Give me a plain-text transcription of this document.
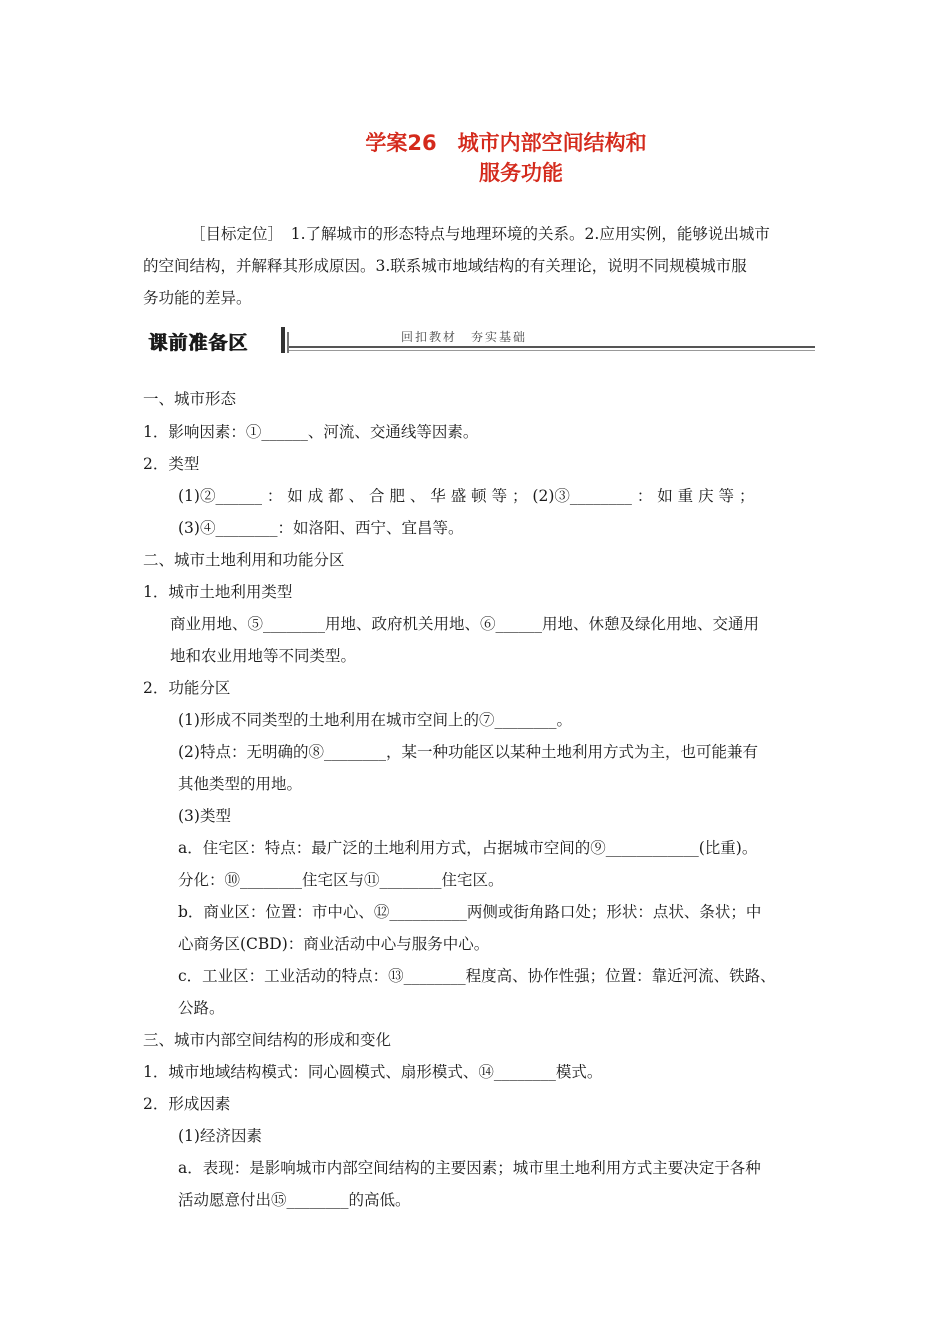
学案26　城市内部空间结构和
服务功能
［目标定位］　1.了解城市的形态特点与地理环境的关系。2.应用实例，能够说出城市
的空间结构，并解释其形成原因。3.联系城市地域结构的有关理论，说明不同规模城市服
务功能的差异。
课前准备区	回扣教材　夯实基础
一、城市形态
1．影响因素：①______、河流、交通线等因素。
2．类型
(1)②______ ： 如 成 都 、 合 肥 、 华 盛 顿 等 ； (2)③________ ： 如 重 庆 等 ；
(3)④________：如洛阳、西宁、宜昌等。
二、城市土地利用和功能分区
1．城市土地利用类型
商业用地、⑤________用地、政府机关用地、⑥______用地、休憩及绿化用地、交通用
地和农业用地等不同类型。
2．功能分区
(1)形成不同类型的土地利用在城市空间上的⑦________。
(2)特点：无明确的⑧________，某一种功能区以某种土地利用方式为主，也可能兼有
其他类型的用地。
(3)类型
a．住宅区：特点：最广泛的土地利用方式，占据城市空间的⑨____________(比重)。
分化：⑩________住宅区与⑪________住宅区。
b．商业区：位置：市中心、⑫__________两侧或街角路口处；形状：点状、条状；中
心商务区(CBD)：商业活动中心与服务中心。
c．工业区：工业活动的特点：⑬________程度高、协作性强；位置：靠近河流、铁路、
公路。
三、城市内部空间结构的形成和变化
1．城市地域结构模式：同心圆模式、扇形模式、⑭________模式。
2．形成因素
(1)经济因素
a．表现：是影响城市内部空间结构的主要因素；城市里土地利用方式主要决定于各种
活动愿意付出⑮________的高低。
